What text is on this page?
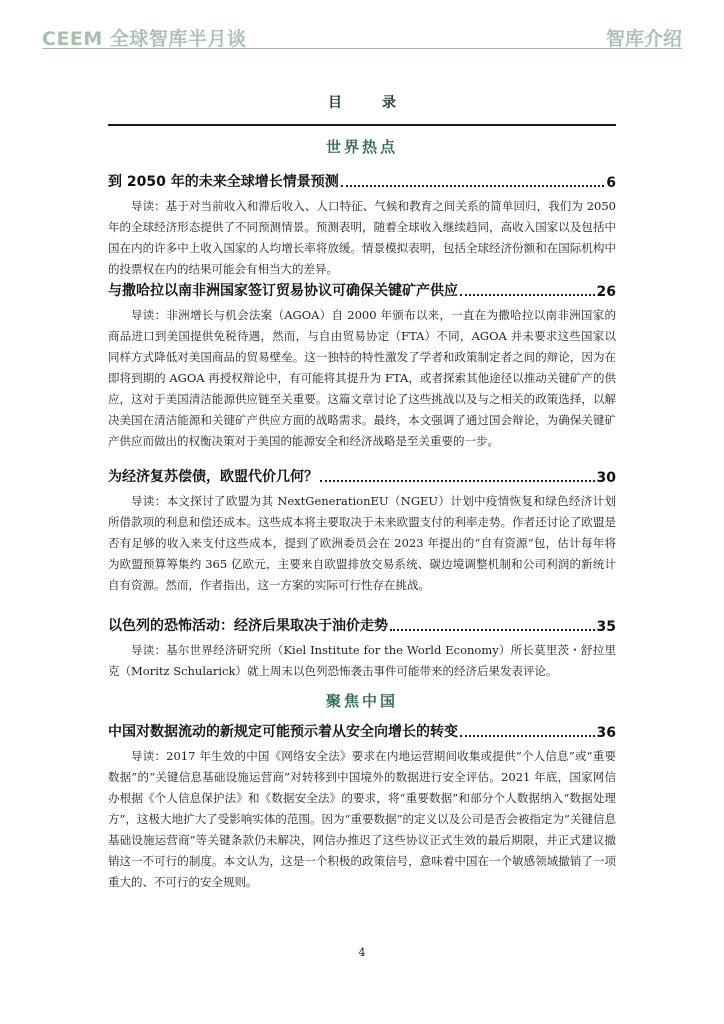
CEEM 全球智库半月谈	智库介绍
目录
世界热点
到 2050 年的未来全球增长情景预测	6
导读：基于对当前收入和滞后收入、人口特征、气候和教育之间关系的简单回归，我们为 2050 年的全球经济形态提供了不同预测情景。预测表明，随着全球收入继续趋同，高收入国家以及包括中国在内的许多中上收入国家的人均增长率将放缓。情景模拟表明，包括全球经济份额和在国际机构中的投票权在内的结果可能会有相当大的差异。
与撒哈拉以南非洲国家签订贸易协议可确保关键矿产供应	26
导读：非洲增长与机会法案（AGOA）自 2000 年颁布以来，一直在为撒哈拉以南非洲国家的商品进口到美国提供免税待遇，然而，与自由贸易协定（FTA）不同，AGOA 并未要求这些国家以同样方式降低对美国商品的贸易壁垒。这一独特的特性激发了学者和政策制定者之间的辩论，因为在即将到期的 AGOA 再授权辩论中，有可能将其提升为 FTA，或者探索其他途径以推动关键矿产的供应，这对于美国清洁能源供应链至关重要。这篇文章讨论了这些挑战以及与之相关的政策选择，以解决美国在清洁能源和关键矿产供应方面的战略需求。最终，本文强调了通过国会辩论，为确保关键矿产供应而做出的权衡决策对于美国的能源安全和经济战略是至关重要的一步。
为经济复苏偿债，欧盟代价几何？	30
导读：本文探讨了欧盟为其 NextGenerationEU（NGEU）计划中疫情恢复和绿色经济计划所借款项的利息和偿还成本。这些成本将主要取决于未来欧盟支付的利率走势。作者还讨论了欧盟是否有足够的收入来支付这些成本，提到了欧洲委员会在 2023 年提出的“自有资源”包，估计每年将为欧盟预算筹集约 365 亿欧元，主要来自欧盟排放交易系统、碳边境调整机制和公司利润的新统计自有资源。然而，作者指出，这一方案的实际可行性存在挑战。
以色列的恐怖活动：经济后果取决于油价走势	35
导读：基尔世界经济研究所（Kiel Institute for the World Economy）所长莫里茨・舒拉里克（Moritz Schularick）就上周末以色列恐怖袭击事件可能带来的经济后果发表评论。
聚焦中国
中国对数据流动的新规定可能预示着从安全向增长的转变	36
导读：2017 年生效的中国《网络安全法》要求在内地运营期间收集或提供“个人信息”或“重要数据”的“关键信息基础设施运营商”对转移到中国境外的数据进行安全评估。2021 年底，国家网信办根据《个人信息保护法》和《数据安全法》的要求，将“重要数据”和部分个人数据纳入“数据处理方”，这极大地扩大了受影响实体的范围。因为“重要数据”的定义以及公司是否会被指定为“关键信息基础设施运营商”等关键条款仍未解决，网信办推迟了这些协议正式生效的最后期限，并正式建议撤销这一不可行的制度。本文认为，这是一个积极的政策信号，意味着中国在一个敏感领域撤销了一项重大的、不可行的安全规则。
4
